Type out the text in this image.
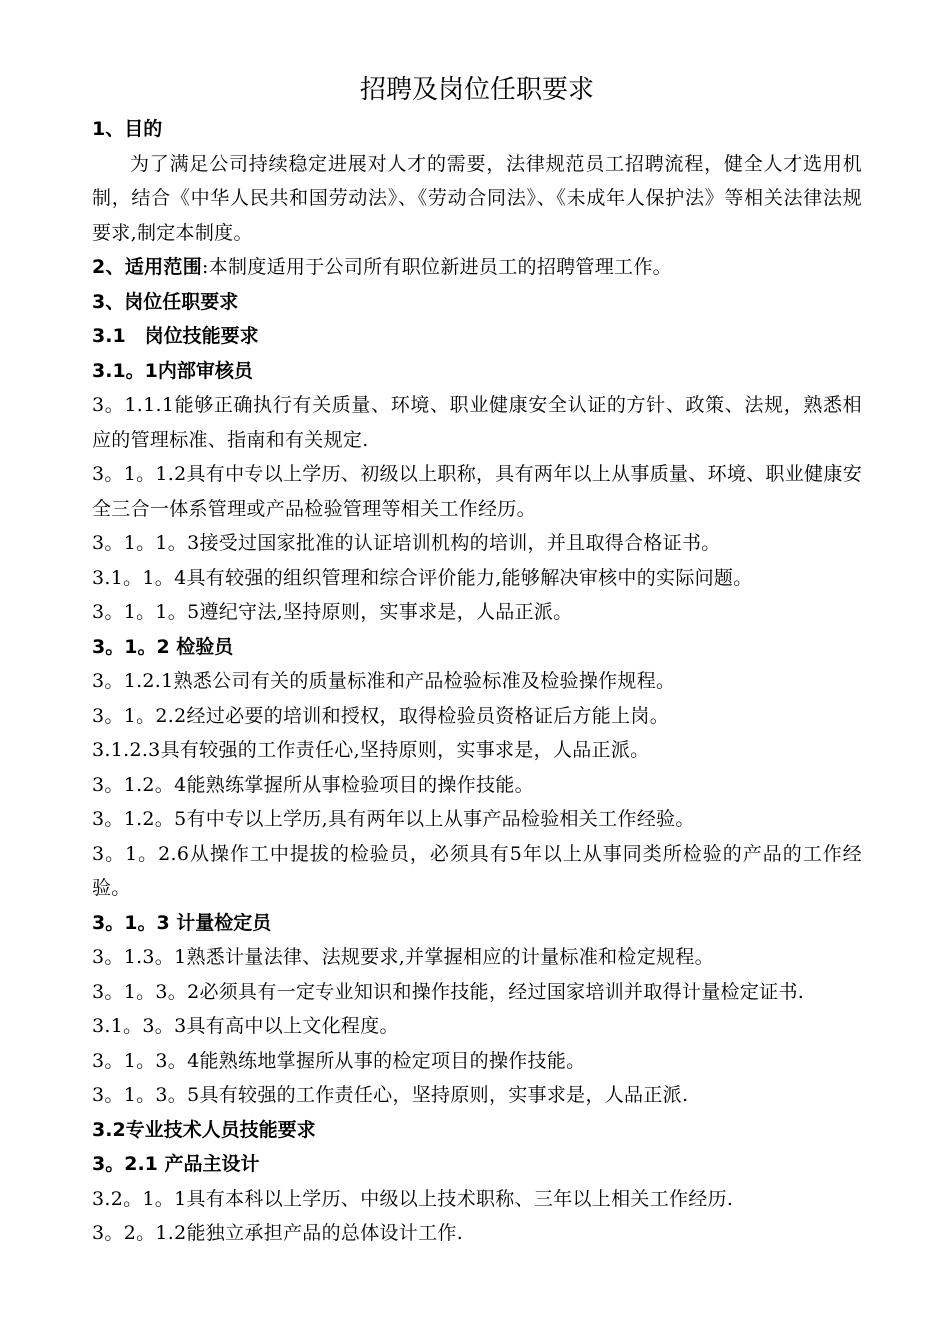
招聘及岗位任职要求
1、目的
为了满足公司持续稳定进展对人才的需要，法律规范员工招聘流程，健全人才选用机制，结合《中华人民共和国劳动法》、《劳动合同法》、《未成年人保护法》等相关法律法规要求,制定本制度。
2、适用范围:本制度适用于公司所有职位新进员工的招聘管理工作。
3、岗位任职要求
3.1　岗位技能要求
3.1。1内部审核员
3。1.1.1能够正确执行有关质量、环境、职业健康安全认证的方针、政策、法规，熟悉相应的管理标准、指南和有关规定.
3。1。1.2具有中专以上学历、初级以上职称，具有两年以上从事质量、环境、职业健康安全三合一体系管理或产品检验管理等相关工作经历。
3。1。1。3接受过国家批准的认证培训机构的培训，并且取得合格证书。
3.1。1。4具有较强的组织管理和综合评价能力,能够解决审核中的实际问题。
3。1。1。5遵纪守法,坚持原则，实事求是，人品正派。
3。1。2 检验员
3。1.2.1熟悉公司有关的质量标准和产品检验标准及检验操作规程。
3。1。2.2经过必要的培训和授权，取得检验员资格证后方能上岗。
3.1.2.3具有较强的工作责任心,坚持原则，实事求是，人品正派。
3。1.2。4能熟练掌握所从事检验项目的操作技能。
3。1.2。5有中专以上学历,具有两年以上从事产品检验相关工作经验。
3。1。2.6从操作工中提拔的检验员，必须具有5年以上从事同类所检验的产品的工作经验。
3。1。3 计量检定员
3。1.3。1熟悉计量法律、法规要求,并掌握相应的计量标准和检定规程。
3。1。3。2必须具有一定专业知识和操作技能，经过国家培训并取得计量检定证书.
3.1。3。3具有高中以上文化程度。
3。1。3。4能熟练地掌握所从事的检定项目的操作技能。
3。1。3。5具有较强的工作责任心，坚持原则，实事求是，人品正派.
3.2专业技术人员技能要求
3。2.1 产品主设计
3.2。1。1具有本科以上学历、中级以上技术职称、三年以上相关工作经历.
3。2。1.2能独立承担产品的总体设计工作.
